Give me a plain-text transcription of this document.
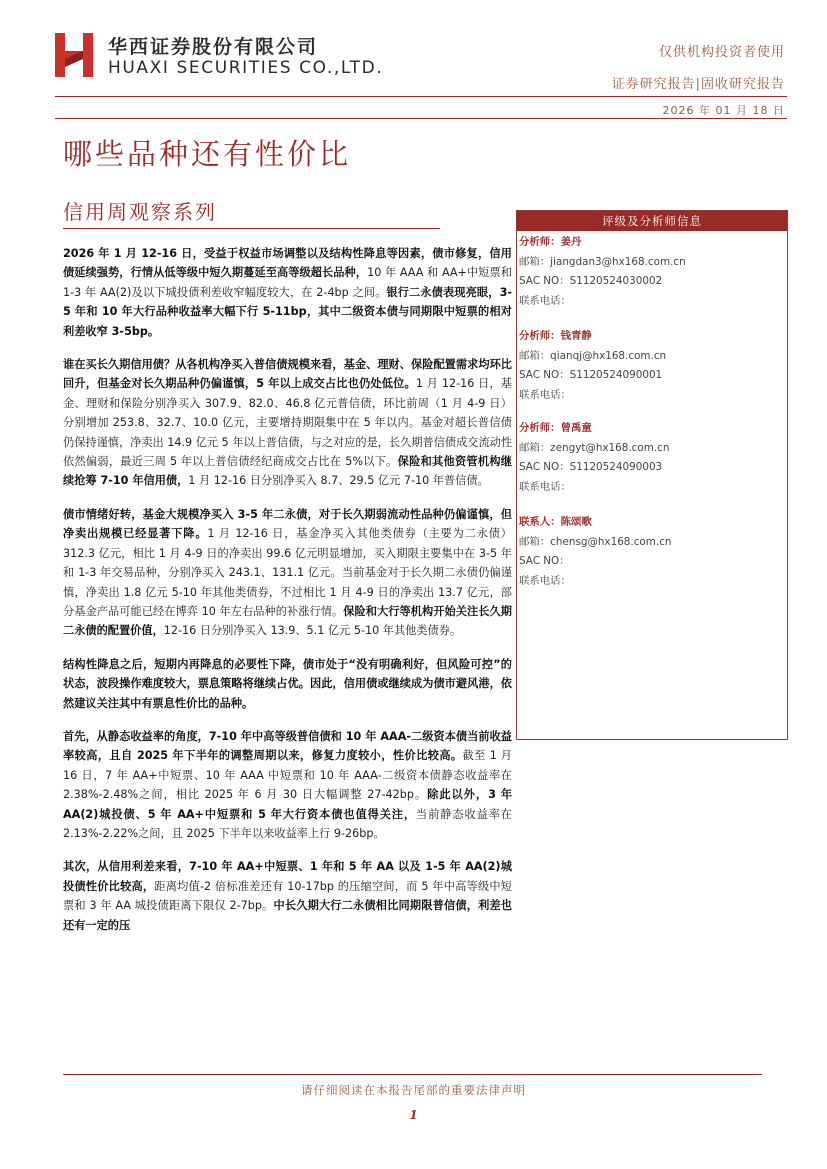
华西证券股份有限公司
HUAXI SECURITIES CO.,LTD.
仅供机构投资者使用
证券研究报告|固收研究报告
2026 年 01 月 18 日
哪些品种还有性价比
信用周观察系列

2026 年 1 月 12-16 日，受益于权益市场调整以及结构性降息等因素，债市修复，信用债延续强势，行情从低等级中短久期蔓延至高等级超长品种，10 年 AAA 和 AA+中短票和 1-3 年 AA(2)及以下城投债利差收窄幅度较大，在 2-4bp 之间。银行二永债表现亮眼，3-5 年和 10 年大行品种收益率大幅下行 5-11bp，其中二级资本债与同期限中短票的相对利差收窄 3-5bp。

谁在买长久期信用债？从各机构净买入普信债规模来看，基金、理财、保险配置需求均环比回升，但基金对长久期品种仍偏谨慎，5 年以上成交占比也仍处低位。1 月 12-16 日，基金、理财和保险分别净买入 307.9、82.0、46.8 亿元普信债，环比前周（1 月 4-9 日）分别增加 253.8、32.7、10.0 亿元，主要增持期限集中在 5 年以内。基金对超长普信债仍保持谨慎，净卖出 14.9 亿元 5 年以上普信债，与之对应的是，长久期普信债成交流动性依然偏弱，最近三周 5 年以上普信债经纪商成交占比在 5%以下。保险和其他资管机构继续抢筹 7-10 年信用债，1 月 12-16 日分别净买入 8.7、29.5 亿元 7-10 年普信债。

债市情绪好转，基金大规模净买入 3-5 年二永债，对于长久期弱流动性品种仍偏谨慎，但净卖出规模已经显著下降。1 月 12-16 日，基金净买入其他类债券（主要为二永债）312.3 亿元，相比 1 月 4-9 日的净卖出 99.6 亿元明显增加，买入期限主要集中在 3-5 年和 1-3 年交易品种，分别净买入 243.1、131.1 亿元。当前基金对于长久期二永债仍偏谨慎，净卖出 1.8 亿元 5-10 年其他类债券，不过相比 1 月 4-9 日的净卖出 13.7 亿元，部分基金产品可能已经在博弈 10 年左右品种的补涨行情。保险和大行等机构开始关注长久期二永债的配置价值，12-16 日分别净买入 13.9、5.1 亿元 5-10 年其他类债券。

结构性降息之后，短期内再降息的必要性下降，债市处于“没有明确利好，但风险可控”的状态，波段操作难度较大，票息策略将继续占优。因此，信用债或继续成为债市避风港，依然建议关注其中有票息性价比的品种。

首先，从静态收益率的角度，7-10 年中高等级普信债和 10 年 AAA-二级资本债当前收益率较高，且自 2025 年下半年的调整周期以来，修复力度较小，性价比较高。截至 1 月 16 日，7 年 AA+中短票、10 年 AAA 中短票和 10 年 AAA-二级资本债静态收益率在 2.38%-2.48%之间，相比 2025 年 6 月 30 日大幅调整 27-42bp。除此以外，3 年 AA(2)城投债、5 年 AA+中短票和 5 年大行资本债也值得关注，当前静态收益率在 2.13%-2.22%之间，且 2025 下半年以来收益率上行 9-26bp。

其次，从信用利差来看，7-10 年 AA+中短票、1 年和 5 年 AA 以及 1-5 年 AA(2)城投债性价比较高，距离均值-2 倍标准差还有 10-17bp 的压缩空间，而 5 年中高等级中短票和 3 年 AA 城投债距离下限仅 2-7bp。中长久期大行二永债相比同期限普信债，利差也还有一定的压

评级及分析师信息
分析师：姜丹
邮箱：jiangdan3@hx168.com.cn
SAC NO：S1120524030002
联系电话：
分析师：钱青静
邮箱：qianqj@hx168.com.cn
SAC NO：S1120524090001
联系电话：
分析师：曾禹童
邮箱：zengyt@hx168.com.cn
SAC NO：S1120524090003
联系电话：
联系人：陈颂歌
邮箱：chensg@hx168.com.cn
SAC NO：
联系电话：
请仔细阅读在本报告尾部的重要法律声明
1
